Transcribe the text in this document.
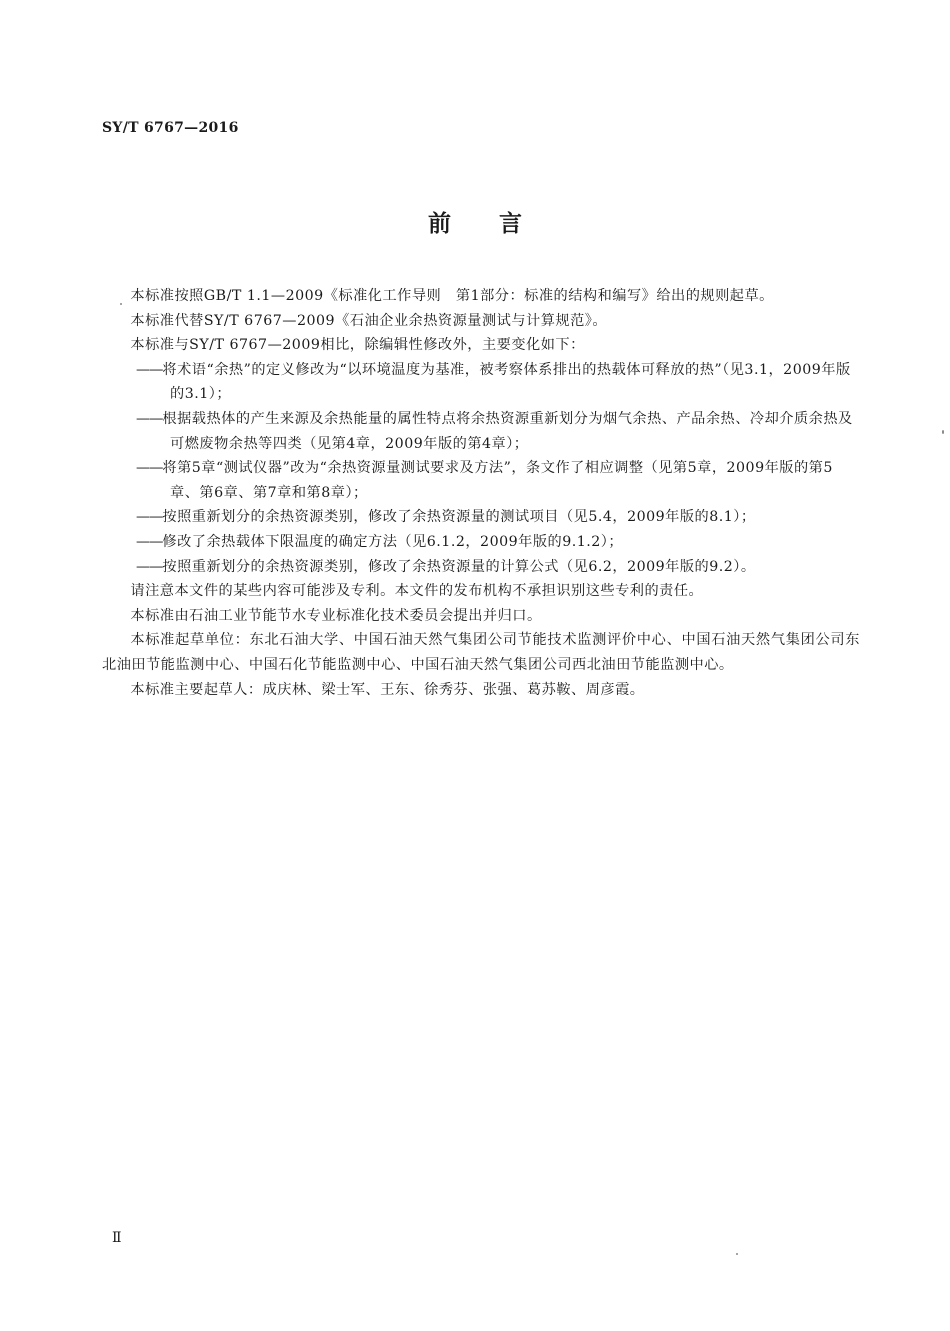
SY/T 6767—2016
前 言

本标准按照GB/T 1.1—2009《标准化工作导则　第1部分：标准的结构和编写》给出的规则起草。

本标准代替SY/T 6767—2009《石油企业余热资源量测试与计算规范》。

本标准与SY/T 6767—2009相比，除编辑性修改外，主要变化如下：

——将术语“余热”的定义修改为“以环境温度为基准，被考察体系排出的热载体可释放的热”（见3.1，2009年版的3.1）；

——根据载热体的产生来源及余热能量的属性特点将余热资源重新划分为烟气余热、产品余热、冷却介质余热及可燃废物余热等四类（见第4章，2009年版的第4章）；

——将第5章“测试仪器”改为“余热资源量测试要求及方法”，条文作了相应调整（见第5章，2009年版的第5章、第6章、第7章和第8章）；

——按照重新划分的余热资源类别，修改了余热资源量的测试项目（见5.4，2009年版的8.1）；

——修改了余热载体下限温度的确定方法（见6.1.2，2009年版的9.1.2）；

——按照重新划分的余热资源类别，修改了余热资源量的计算公式（见6.2，2009年版的9.2）。

请注意本文件的某些内容可能涉及专利。本文件的发布机构不承担识别这些专利的责任。

本标准由石油工业节能节水专业标准化技术委员会提出并归口。

本标准起草单位：东北石油大学、中国石油天然气集团公司节能技术监测评价中心、中国石油天然气集团公司东北油田节能监测中心、中国石化节能监测中心、中国石油天然气集团公司西北油田节能监测中心。

本标准主要起草人：成庆林、梁士军、王东、徐秀芬、张强、葛苏鞍、周彦霞。

Ⅱ
